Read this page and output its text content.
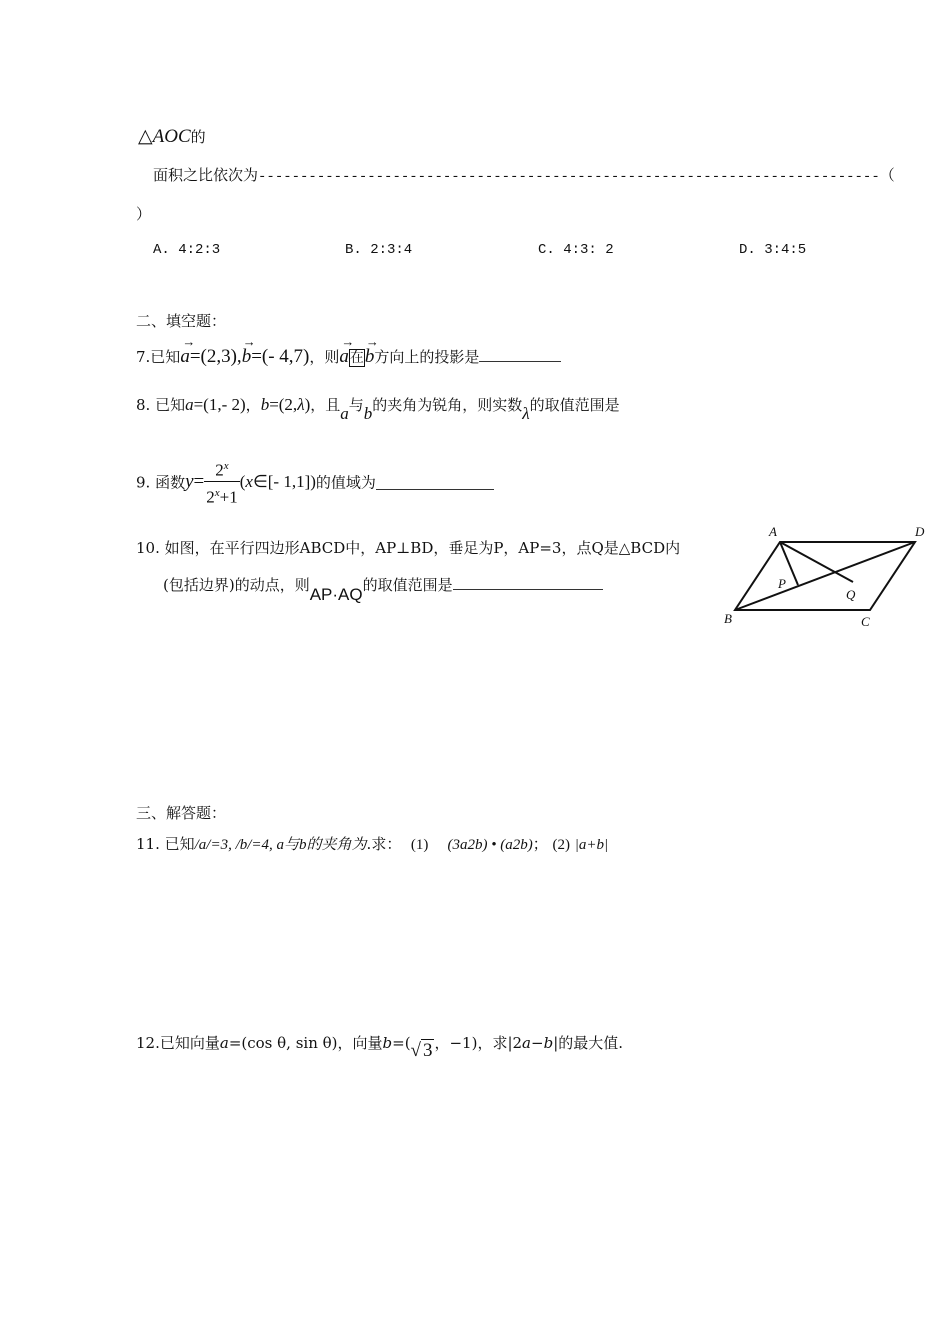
△AOC的
面积之比依次为--------------------------------------------------------------------------（
）
A. 4:2:3	B. 2:3:4	C. 4:3: 2	D. 3:4:5
二、填空题：
7.已知
→
a=(2,3),
→
b=(- 4,7)，则
→
a在
→
b方向上的投影是
8. 已知a=(1,- 2)，b=(2,λ)，且a与b的夹角为锐角，则实数λ的取值范围是
9. 函数$y= \frac{2^x}{2^x+1}$ (x∈[- 1,1])的值域为
10. 如图，在平行四边形ABCD中，AP⊥BD，垂足为P，AP=3，点Q是△BCD内
(包括边界)的动点，则AP·AQ的取值范围是
A	D
B	C
P
Q
三、解答题：
11. 已知/a/=3, /b/=4, a与b的夹角为.求： (1) (3a2b) • (a2b)； (2) |a+b|
12.已知向量a=(cos θ, sin θ)，向量b=(√ 3 ，−1)，求|2a−b|的最大值.
